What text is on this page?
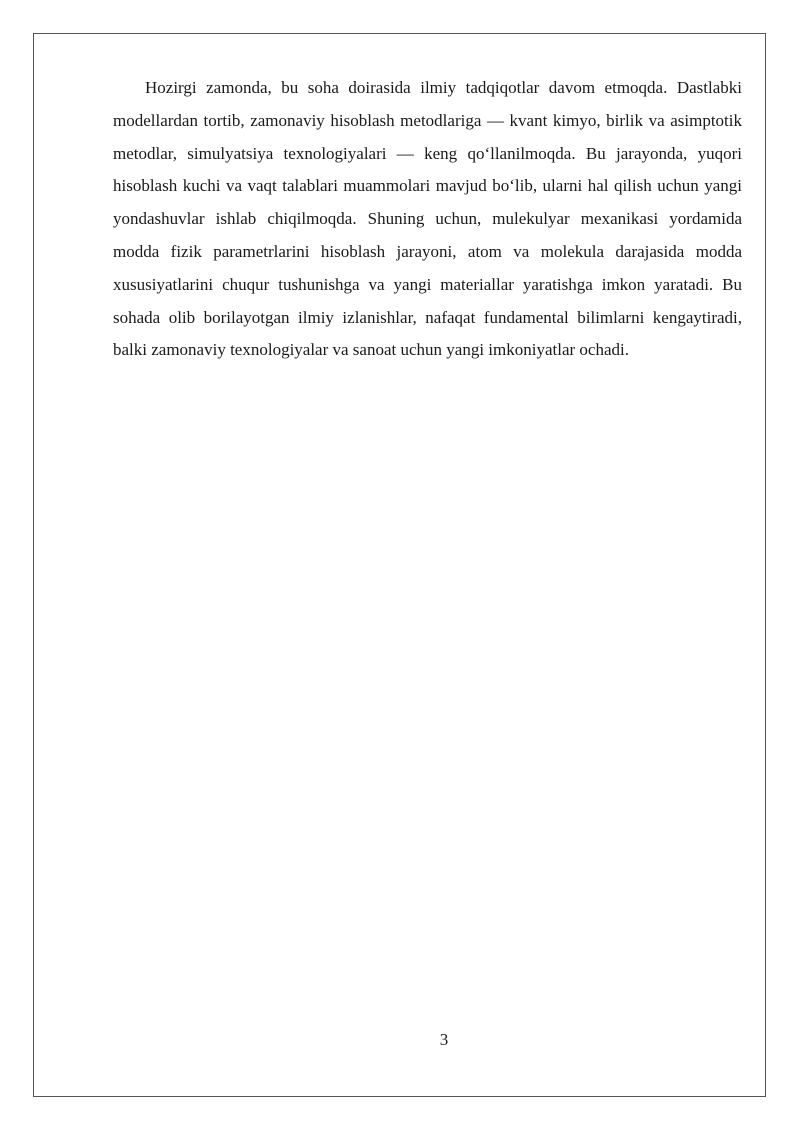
Hozirgi zamonda, bu soha doirasida ilmiy tadqiqotlar davom etmoqda. Dastlabki modellardan tortib, zamonaviy hisoblash metodlariga — kvant kimyo, birlik va asimptotik metodlar, simulyatsiya texnologiyalari — keng qo‘llanilmoqda. Bu jarayonda, yuqori hisoblash kuchi va vaqt talablari muammolari mavjud bo‘lib, ularni hal qilish uchun yangi yondashuvlar ishlab chiqilmoqda. Shuning uchun, mulekulyar mexanikasi yordamida modda fizik parametrlarini hisoblash jarayoni, atom va molekula darajasida modda xususiyatlarini chuqur tushunishga va yangi materiallar yaratishga imkon yaratadi. Bu sohada olib borilayotgan ilmiy izlanishlar, nafaqat fundamental bilimlarni kengaytiradi, balki zamonaviy texnologiyalar va sanoat uchun yangi imkoniyatlar ochadi.

3
